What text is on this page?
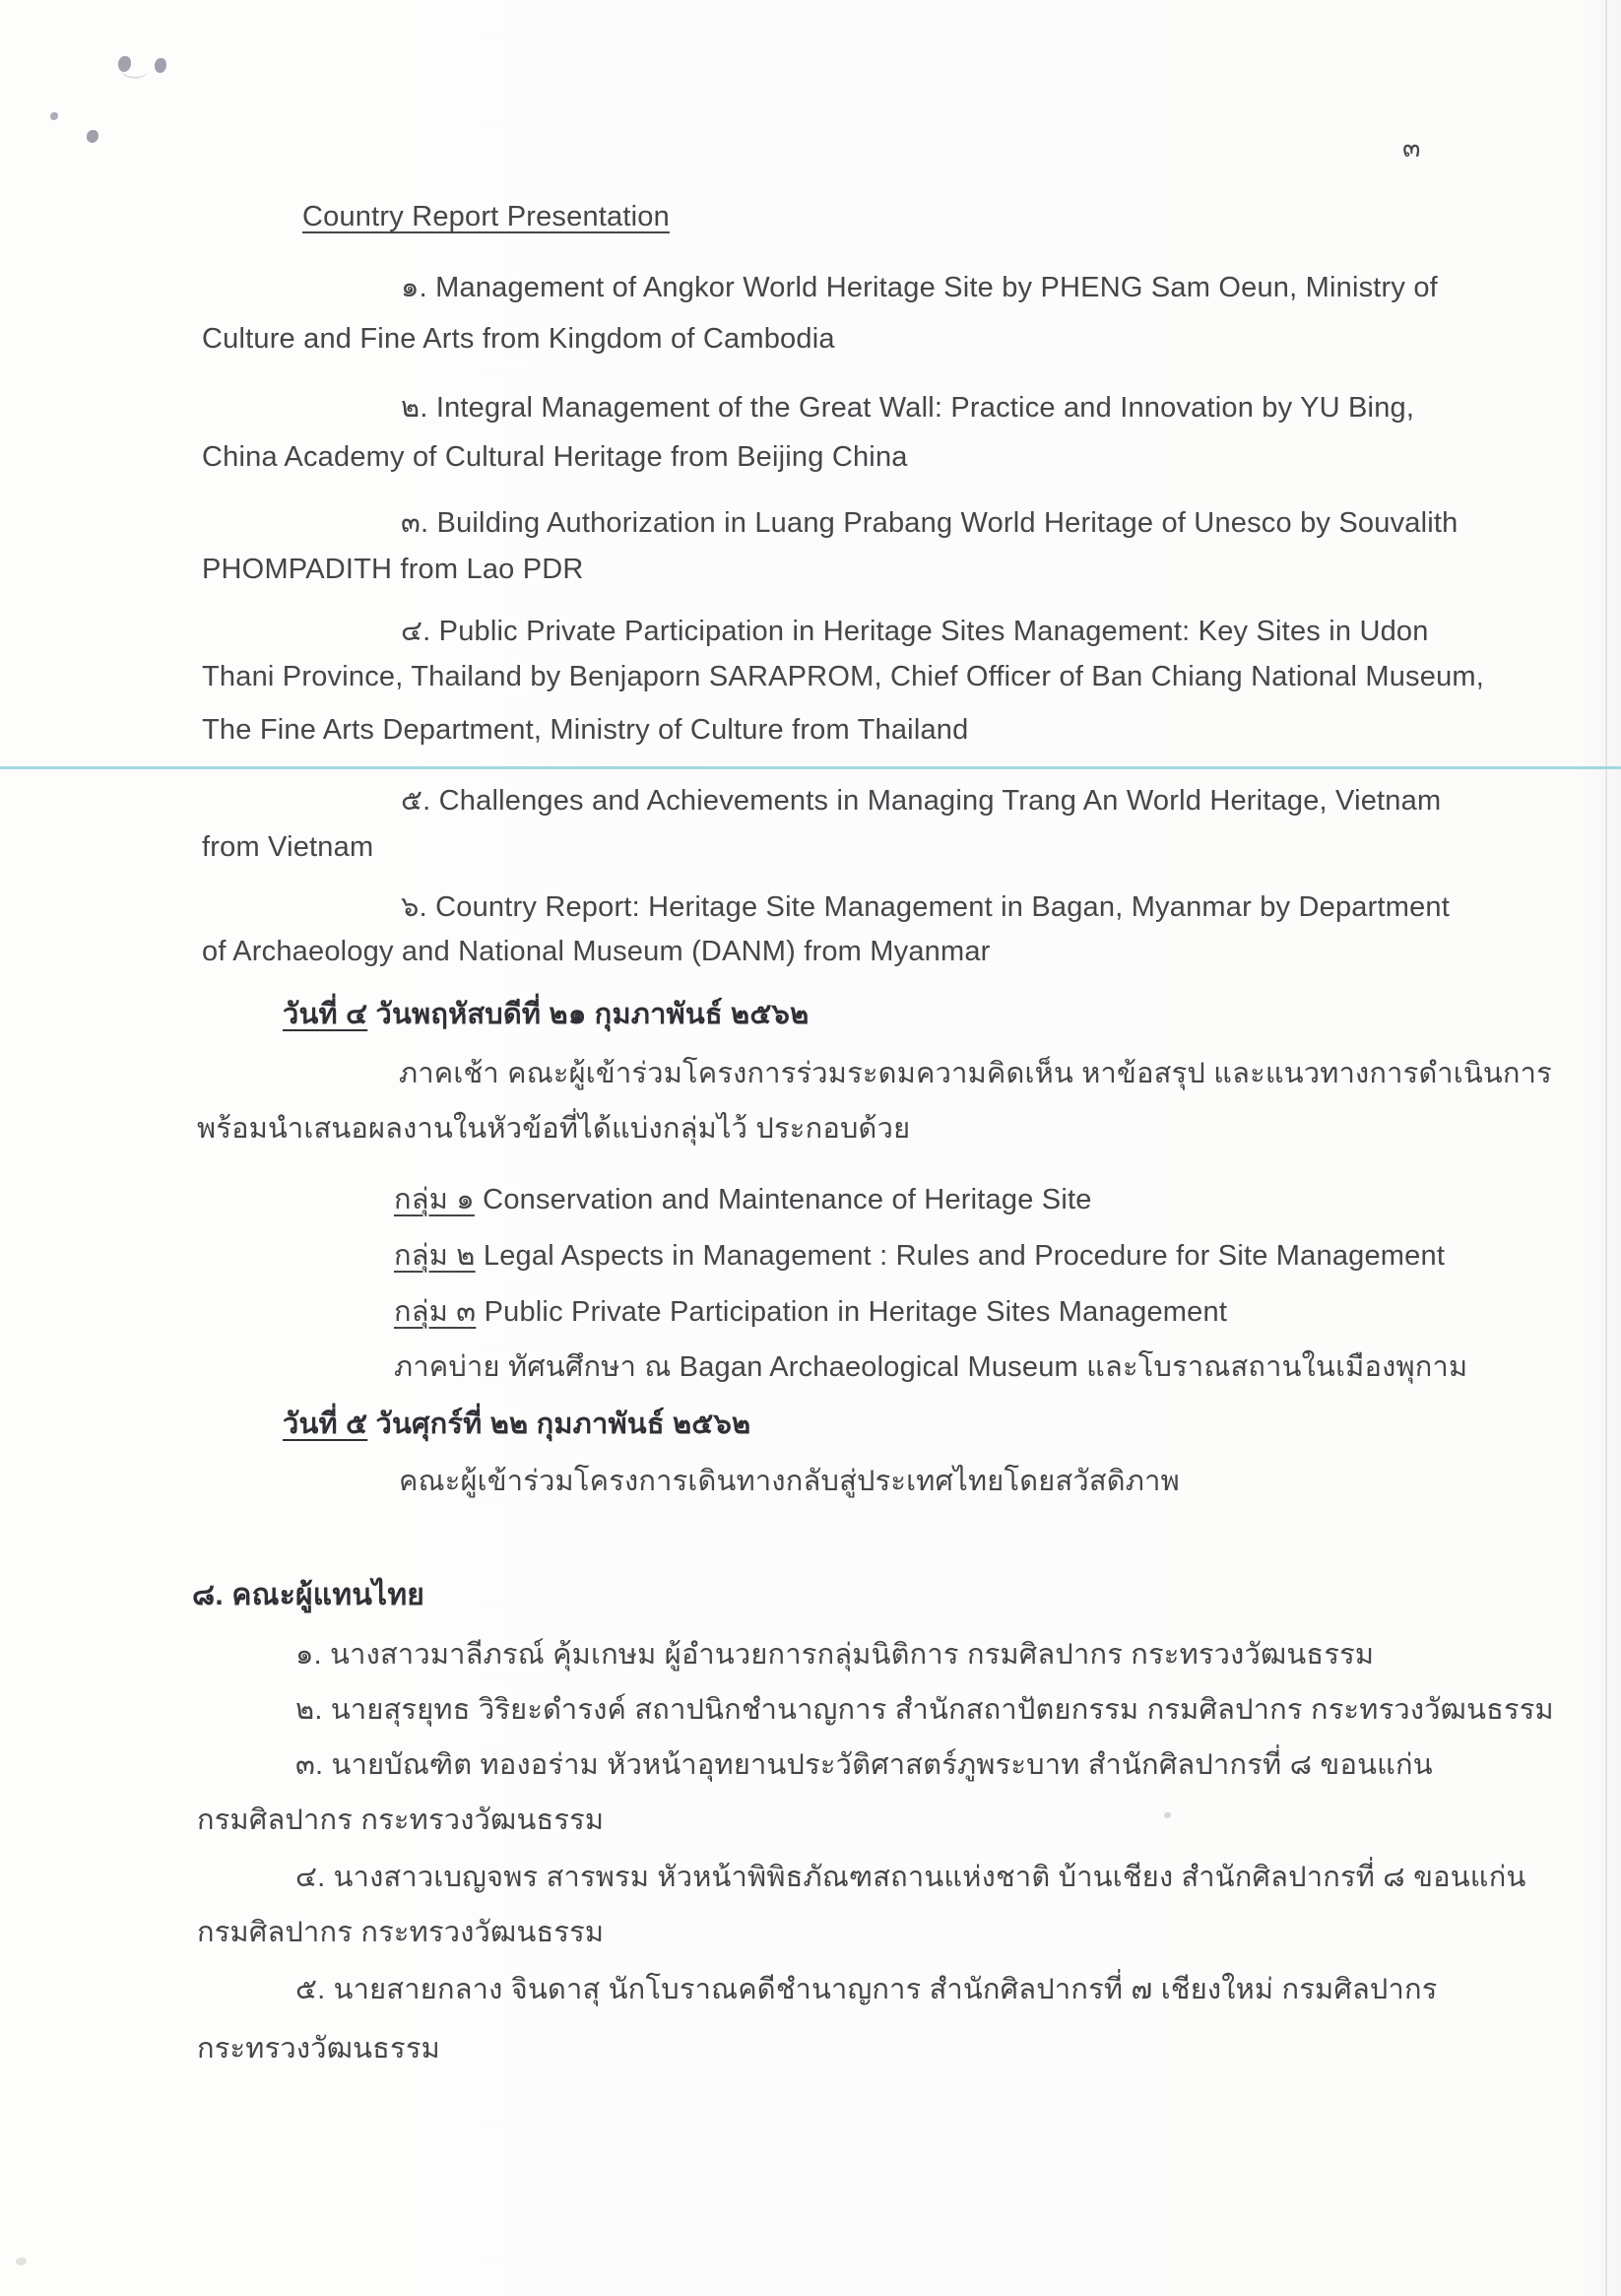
๓
Country Report Presentation
๑. Management of Angkor World Heritage Site by PHENG Sam Oeun, Ministry of
Culture and Fine Arts from Kingdom of Cambodia
๒. Integral Management of the Great Wall: Practice and Innovation by YU Bing,
China Academy of Cultural Heritage from Beijing China
๓. Building Authorization in Luang Prabang World Heritage of Unesco by Souvalith
PHOMPADITH from Lao PDR
๔. Public Private Participation in Heritage Sites Management: Key Sites in Udon
Thani Province, Thailand by Benjaporn SARAPROM, Chief Officer of Ban Chiang National Museum,
The Fine Arts Department, Ministry of Culture from Thailand
๕. Challenges and Achievements in Managing Trang An World Heritage, Vietnam
from Vietnam
๖. Country Report: Heritage Site Management in Bagan, Myanmar by Department
of Archaeology and National Museum (DANM) from Myanmar
วันที่ ๔ วันพฤหัสบดีที่ ๒๑ กุมภาพันธ์ ๒๕๖๒
ภาคเช้า คณะผู้เข้าร่วมโครงการร่วมระดมความคิดเห็น หาข้อสรุป และแนวทางการดำเนินการ
พร้อมนำเสนอผลงานในหัวข้อที่ได้แบ่งกลุ่มไว้ ประกอบด้วย
กลุ่ม ๑ Conservation and Maintenance of Heritage Site
กลุ่ม ๒ Legal Aspects in Management : Rules and Procedure for Site Management
กลุ่ม ๓ Public Private Participation in Heritage Sites Management
ภาคบ่าย ทัศนศึกษา ณ Bagan Archaeological Museum และโบราณสถานในเมืองพุกาม
วันที่ ๕ วันศุกร์ที่ ๒๒ กุมภาพันธ์ ๒๕๖๒
คณะผู้เข้าร่วมโครงการเดินทางกลับสู่ประเทศไทยโดยสวัสดิภาพ
๘. คณะผู้แทนไทย
๑. นางสาวมาลีภรณ์ คุ้มเกษม ผู้อำนวยการกลุ่มนิติการ กรมศิลปากร กระทรวงวัฒนธรรม
๒. นายสุรยุทธ วิริยะดำรงค์ สถาปนิกชำนาญการ สำนักสถาปัตยกรรม กรมศิลปากร กระทรวงวัฒนธรรม
๓. นายบัณฑิต ทองอร่าม หัวหน้าอุทยานประวัติศาสตร์ภูพระบาท สำนักศิลปากรที่ ๘ ขอนแก่น
กรมศิลปากร กระทรวงวัฒนธรรม
๔. นางสาวเบญจพร สารพรม หัวหน้าพิพิธภัณฑสถานแห่งชาติ บ้านเชียง สำนักศิลปากรที่ ๘ ขอนแก่น
กรมศิลปากร กระทรวงวัฒนธรรม
๕. นายสายกลาง จินดาสุ นักโบราณคดีชำนาญการ สำนักศิลปากรที่ ๗ เชียงใหม่ กรมศิลปากร
กระทรวงวัฒนธรรม
